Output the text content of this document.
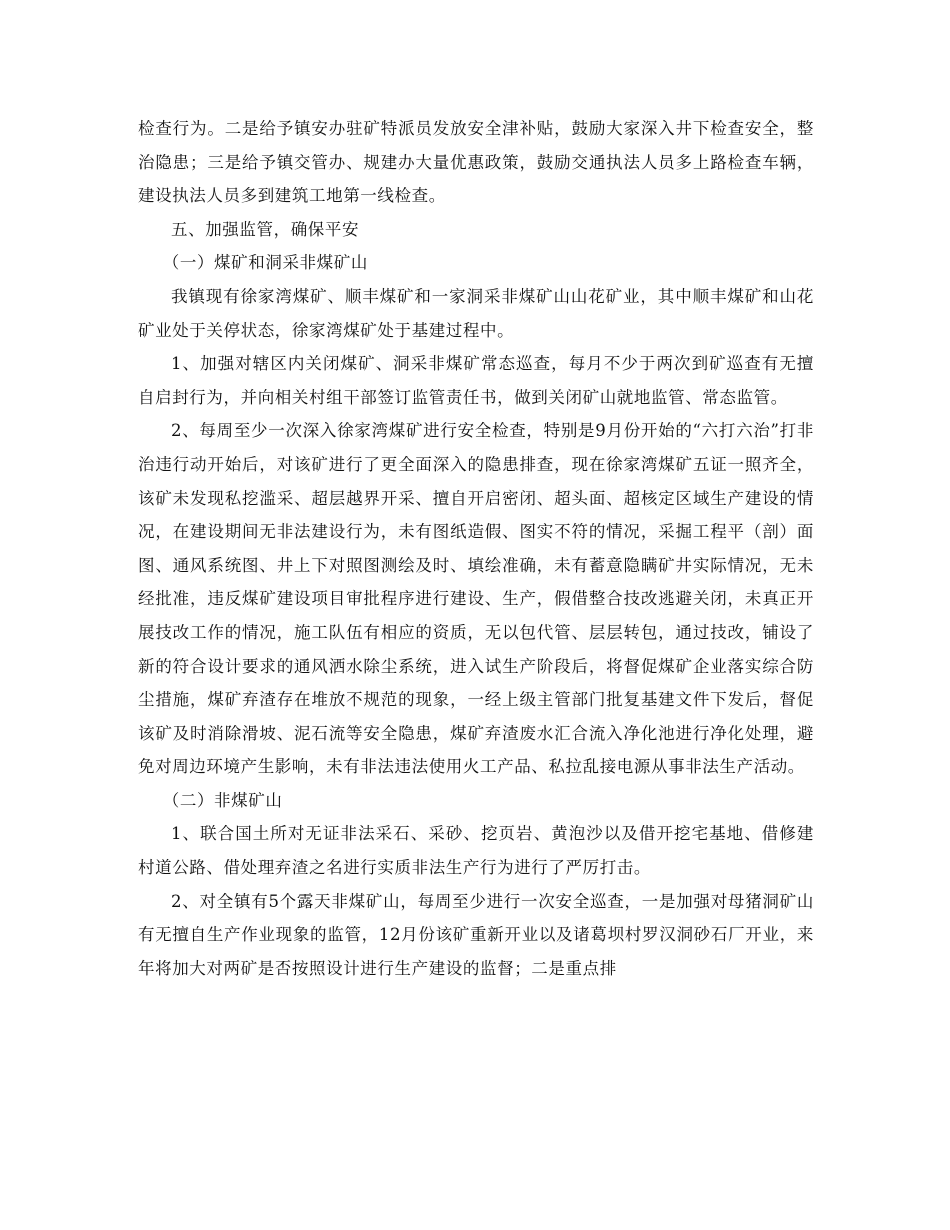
检查行为。二是给予镇安办驻矿特派员发放安全津补贴，鼓励大家深入井下检查安全，整治隐患；三是给予镇交管办、规建办大量优惠政策，鼓励交通执法人员多上路检查车辆，建设执法人员多到建筑工地第一线检查。

五、加强监管，确保平安

（一）煤矿和洞采非煤矿山

我镇现有徐家湾煤矿、顺丰煤矿和一家洞采非煤矿山山花矿业，其中顺丰煤矿和山花矿业处于关停状态，徐家湾煤矿处于基建过程中。

1、加强对辖区内关闭煤矿、洞采非煤矿常态巡查，每月不少于两次到矿巡查有无擅自启封行为，并向相关村组干部签订监管责任书，做到关闭矿山就地监管、常态监管。

2、每周至少一次深入徐家湾煤矿进行安全检查，特别是9月份开始的“六打六治”打非治违行动开始后，对该矿进行了更全面深入的隐患排查，现在徐家湾煤矿五证一照齐全，该矿未发现私挖滥采、超层越界开采、擅自开启密闭、超头面、超核定区域生产建设的情况，在建设期间无非法建设行为，未有图纸造假、图实不符的情况，采掘工程平（剖）面图、通风系统图、井上下对照图测绘及时、填绘准确，未有蓄意隐瞒矿井实际情况，无未经批准，违反煤矿建设项目审批程序进行建设、生产，假借整合技改逃避关闭，未真正开展技改工作的情况，施工队伍有相应的资质，无以包代管、层层转包，通过技改，铺设了新的符合设计要求的通风洒水除尘系统，进入试生产阶段后，将督促煤矿企业落实综合防尘措施，煤矿弃渣存在堆放不规范的现象，一经上级主管部门批复基建文件下发后，督促该矿及时消除滑坡、泥石流等安全隐患，煤矿弃渣废水汇合流入净化池进行净化处理，避免对周边环境产生影响，未有非法违法使用火工产品、私拉乱接电源从事非法生产活动。

（二）非煤矿山

1、联合国土所对无证非法采石、采砂、挖页岩、黄泡沙以及借开挖宅基地、借修建村道公路、借处理弃渣之名进行实质非法生产行为进行了严厉打击。

2、对全镇有5个露天非煤矿山，每周至少进行一次安全巡查，一是加强对母猪洞矿山有无擅自生产作业现象的监管，12月份该矿重新开业以及诸葛坝村罗汉洞砂石厂开业，来年将加大对两矿是否按照设计进行生产建设的监督；二是重点排
